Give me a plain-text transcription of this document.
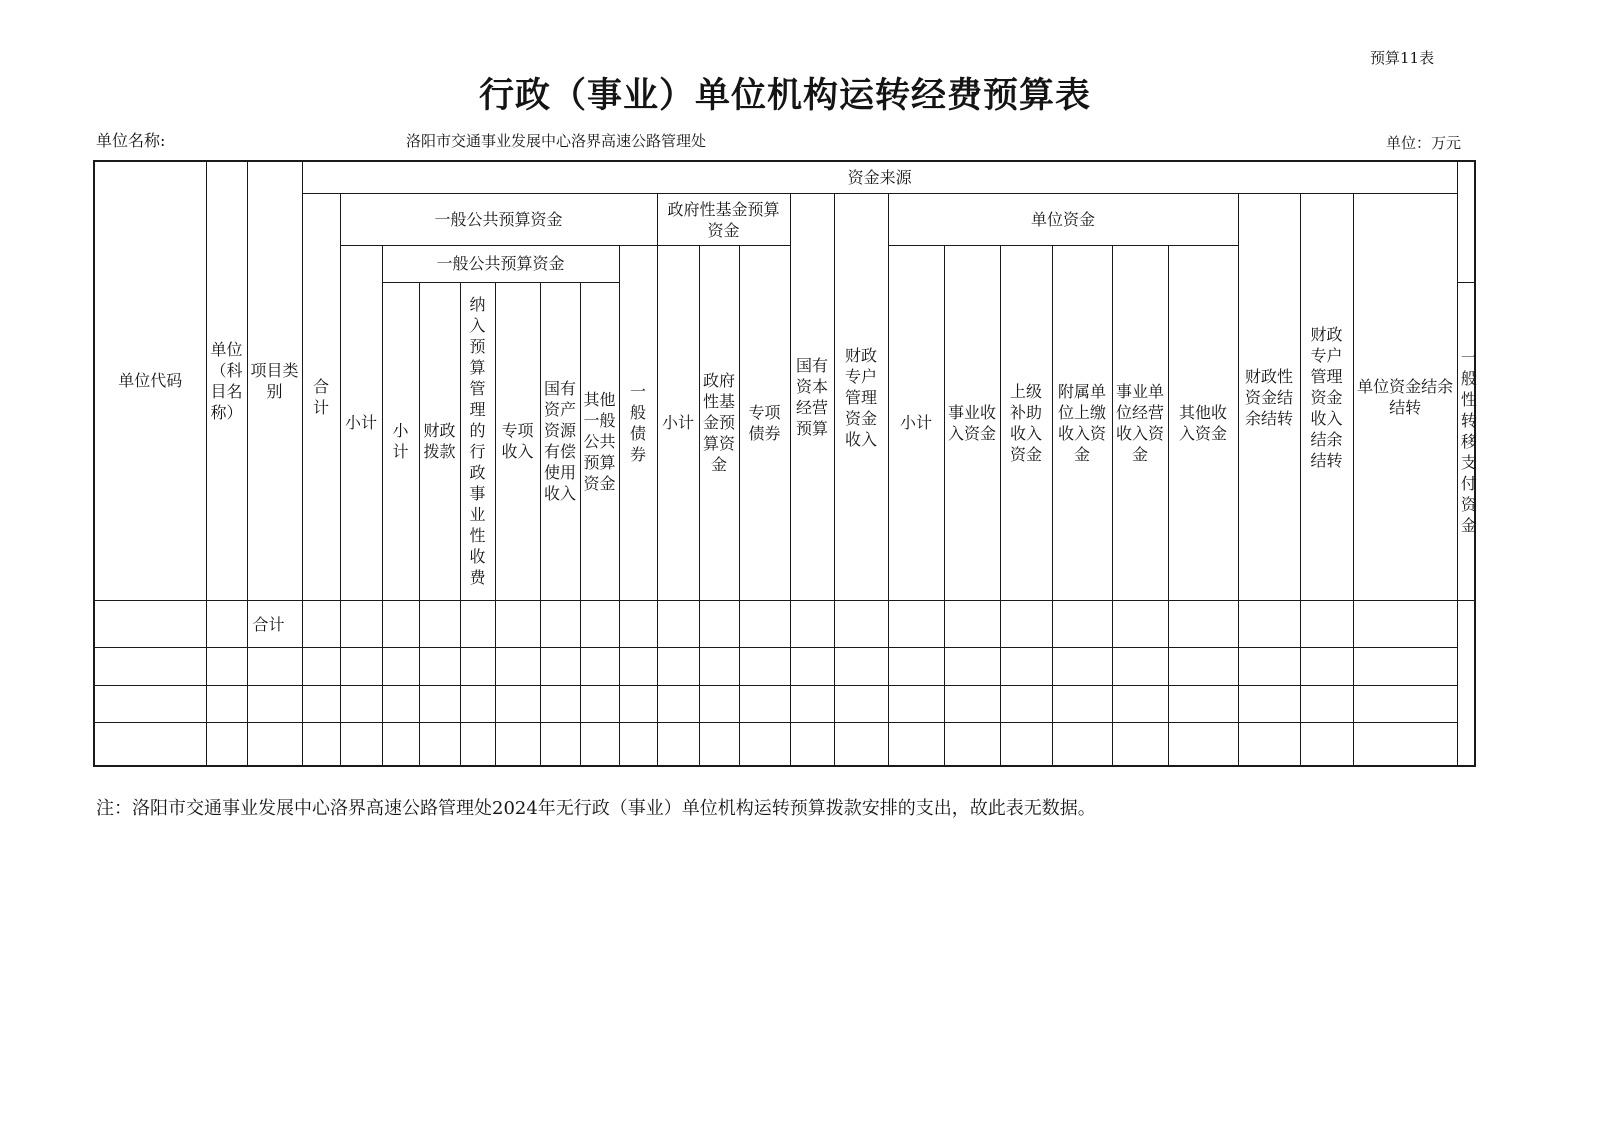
预算11表
行政（事业）单位机构运转经费预算表
单位名称:	洛阳市交通事业发展中心洛界高速公路管理处	单位：万元
单位代码	单位（科目名称）	项目类别	资金来源																							
			合计	一般公共预算资金								政府性基金预算资金			国有资本经营预算	财政专户管理资金收入	单位资金						财政性资金结余结转	财政专户管理资金收入结余结转	单位资金结余结转	
				小计	一般公共预算资金						一般债券	小计	政府性基金预算资金	专项债券			小计	事业收入资金	上级补助收入资金	附属单位上缴收入资金	事业单位经营收入资金	其他收入资金				
					小计	财政拨款	纳入预算管理的行政事业性收费	专项收入	国有资产资源有偿使用收入	其他一般公共预算资金																一般性转移支付资金
		合计																								

注：洛阳市交通事业发展中心洛界高速公路管理处2024年无行政（事业）单位机构运转预算拨款安排的支出，故此表无数据。
